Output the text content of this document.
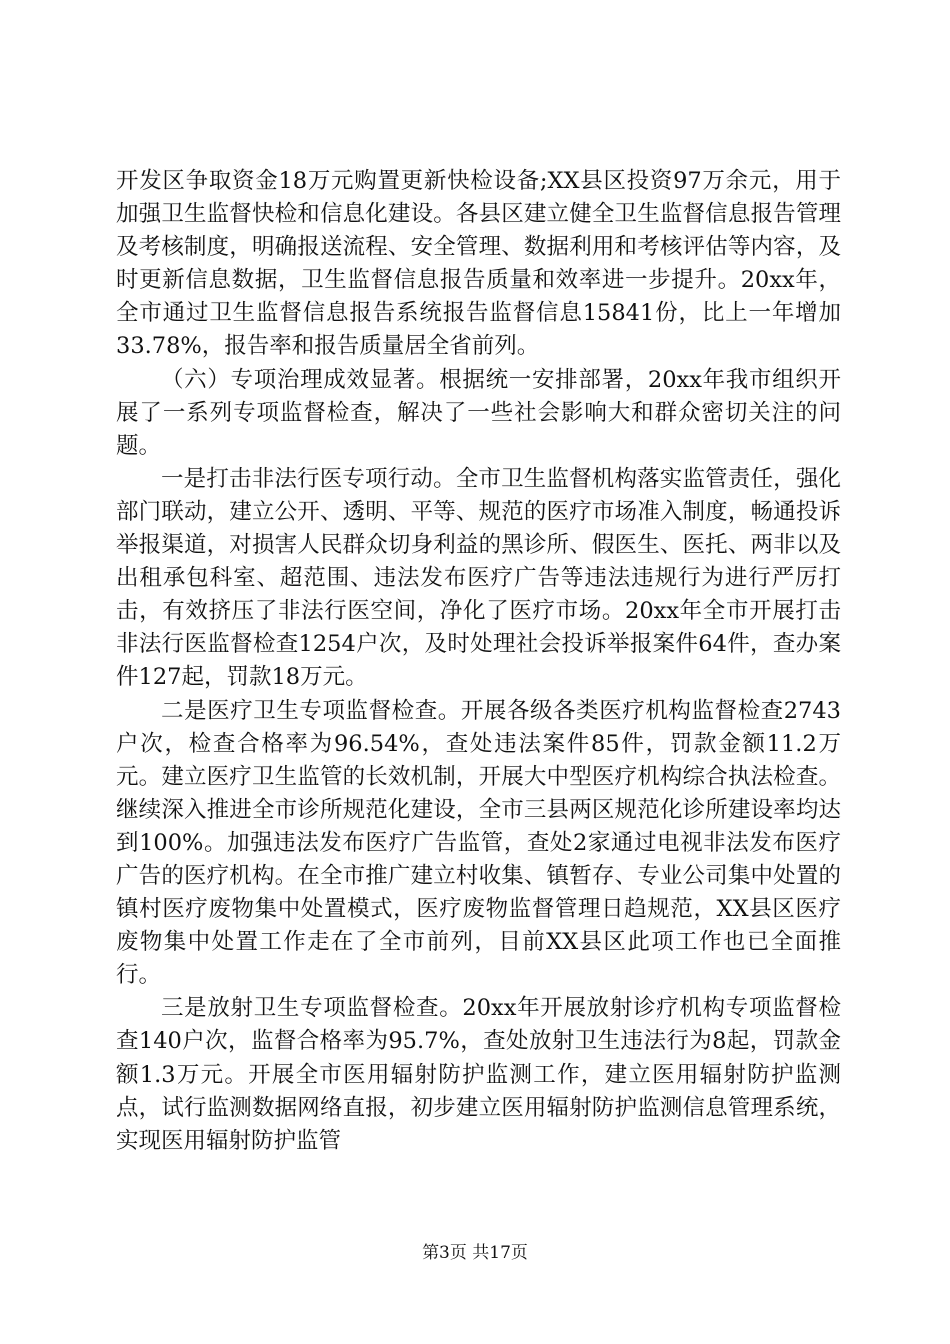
开发区争取资金18万元购置更新快检设备;XX县区投资97万余元，用于加强卫生监督快检和信息化建设。各县区建立健全卫生监督信息报告管理及考核制度，明确报送流程、安全管理、数据利用和考核评估等内容，及时更新信息数据，卫生监督信息报告质量和效率进一步提升。20xx年，全市通过卫生监督信息报告系统报告监督信息15841份，比上一年增加33.78%，报告率和报告质量居全省前列。

（六）专项治理成效显著。根据统一安排部署，20xx年我市组织开展了一系列专项监督检查，解决了一些社会影响大和群众密切关注的问题。

一是打击非法行医专项行动。全市卫生监督机构落实监管责任，强化部门联动，建立公开、透明、平等、规范的医疗市场准入制度，畅通投诉举报渠道，对损害人民群众切身利益的黑诊所、假医生、医托、两非以及出租承包科室、超范围、违法发布医疗广告等违法违规行为进行严厉打击，有效挤压了非法行医空间，净化了医疗市场。20xx年全市开展打击非法行医监督检查1254户次，及时处理社会投诉举报案件64件，查办案件127起，罚款18万元。

二是医疗卫生专项监督检查。开展各级各类医疗机构监督检查2743户次，检查合格率为96.54%，查处违法案件85件，罚款金额11.2万元。建立医疗卫生监管的长效机制，开展大中型医疗机构综合执法检查。继续深入推进全市诊所规范化建设，全市三县两区规范化诊所建设率均达到100%。加强违法发布医疗广告监管，查处2家通过电视非法发布医疗广告的医疗机构。在全市推广建立村收集、镇暂存、专业公司集中处置的镇村医疗废物集中处置模式，医疗废物监督管理日趋规范，XX县区医疗废物集中处置工作走在了全市前列，目前XX县区此项工作也已全面推行。

三是放射卫生专项监督检查。20xx年开展放射诊疗机构专项监督检查140户次，监督合格率为95.7%，查处放射卫生违法行为8起，罚款金额1.3万元。开展全市医用辐射防护监测工作，建立医用辐射防护监测点，试行监测数据网络直报，初步建立医用辐射防护监测信息管理系统，实现医用辐射防护监管

第3页 共17页
